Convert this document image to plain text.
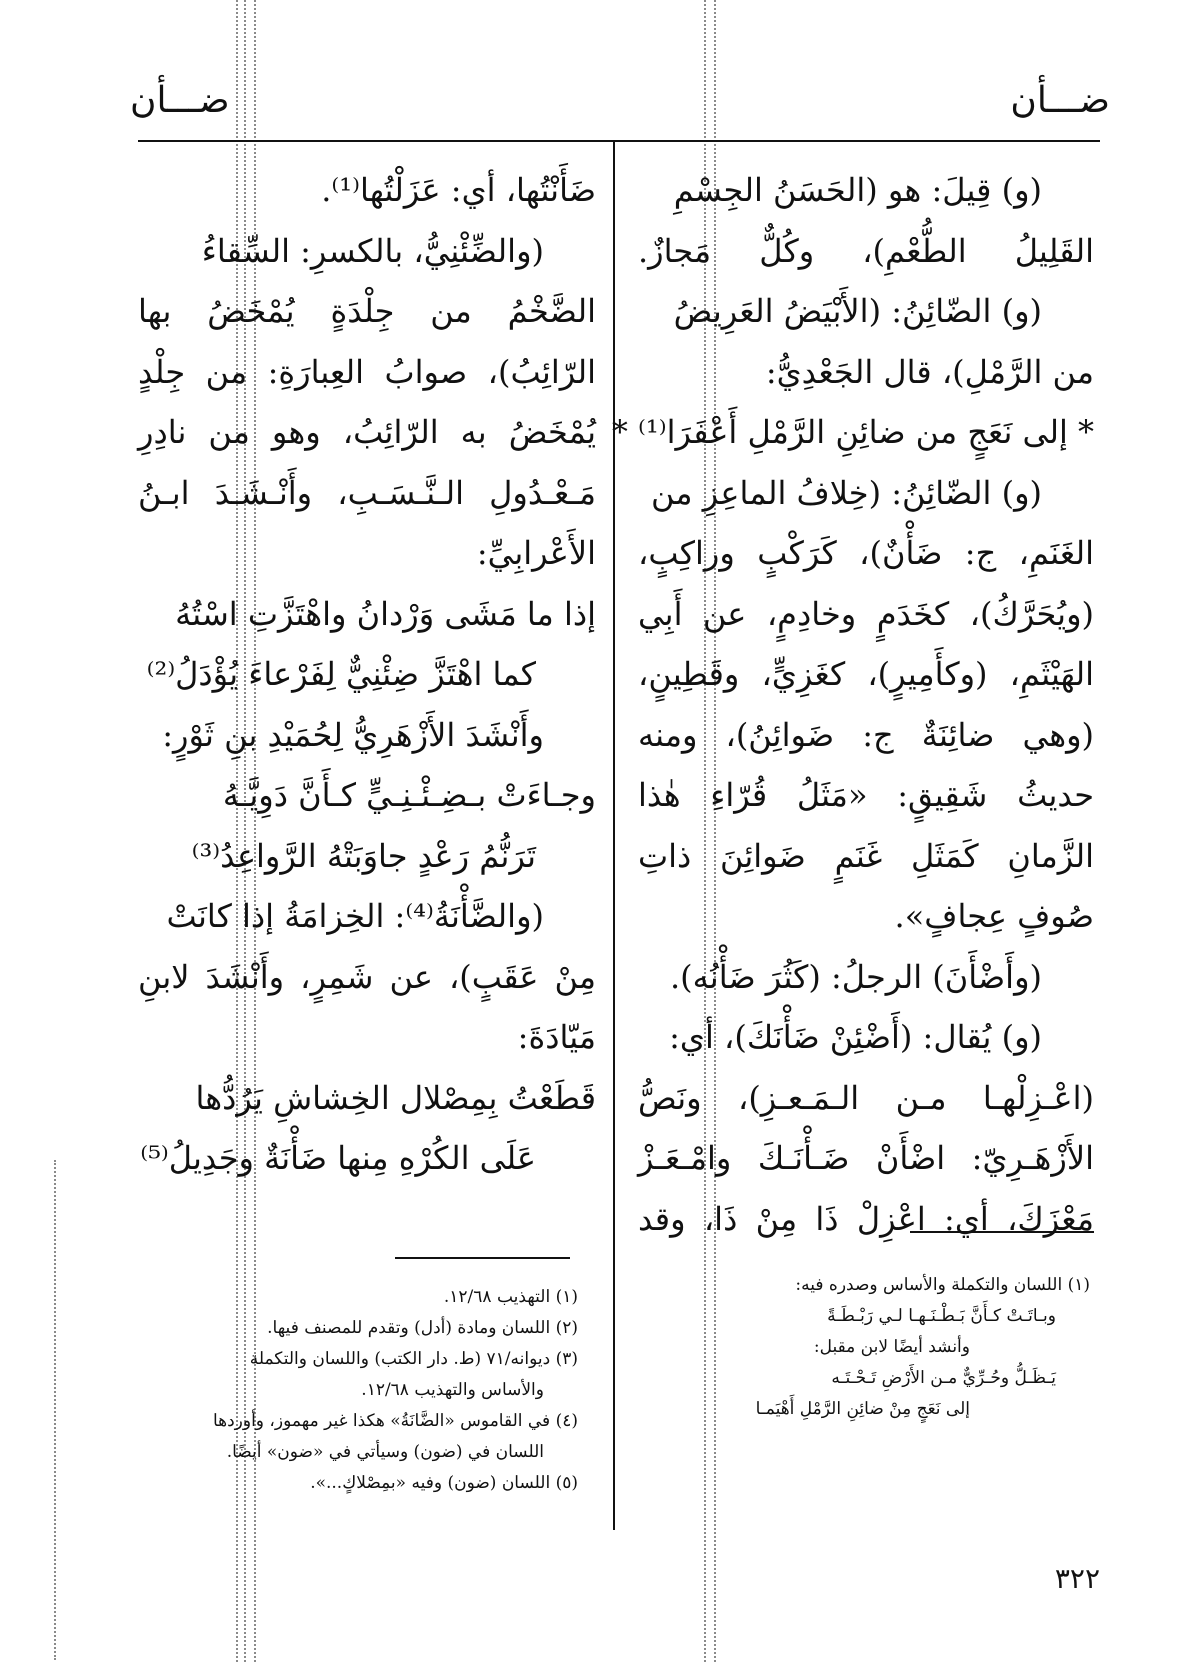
ضـــأن
ضـــأن
(و) قِيلَ: هو (الحَسَنُ الجِسْمِ
القَلِيلُ الطُّعْمِ)، وكُلٌّ مَجازٌ.
(و) الضّائِنُ: (الأَبْيَضُ العَرِيضُ
من الرَّمْلِ)، قال الجَعْدِيُّ:
* إلى نَعَجٍ من ضائِنِ الرَّمْلِ أَعْفَرَا⁽¹⁾ *
(و) الضّائِنُ: (خِلافُ الماعِزِ من
الغَنَمِ، ج: ضَأْنٌ)، كَرَكْبٍ وراكِبٍ،
(ويُحَرَّكُ)، كخَدَمٍ وخادِمٍ، عن أَبِي
الهَيْثَمِ، (وكأَمِيرٍ)، كغَزِيٍّ، وقَطِينٍ،
(وهي ضائِنَةٌ ج: ضَوائِنُ)، ومنه
حديثُ شَقِيقٍ: «مَثَلُ قُرّاءِ هٰذا
الزَّمانِ كَمَثَلِ غَنَمٍ ضَوائِنَ ذاتِ
صُوفٍ عِجافٍ».
(وأَضْأَنَ) الرجلُ: (كَثُرَ ضَأْنُه).
(و) يُقال: (أَضْئِنْ ضَأْنَكَ)، أي:
(اعْـزِلْهـا مـن الـمَـعـزِ)، ونَصُّ
الأَزْهَـرِيّ: اضْأَنْ ضَـأْنَـكَ وامْـعَـزْ
مَعْزَكَ، أي: اعْزِلْ ذَا مِنْ ذَا، وقد
ضَأَنْتُها، أي: عَزَلْتُها⁽¹⁾.
(والضِّئْنِيُّ، بالكسرِ: السِّقاءُ
الضَّخْمُ من جِلْدَةٍ يُمْخَضُ بها
الرّائِبُ)، صوابُ العِبارَةِ: من جِلْدٍ
يُمْخَضُ به الرّائِبُ، وهو من نادِرِ
مَـعْـدُولِ الـنَّـسَـبِ، وأَنْـشَـدَ ابـنُ
الأَعْرابِيِّ:
إذا ما مَشَى وَرْدانُ واهْتَزَّتِ اسْتُهُ
كما اهْتَزَّ ضِئْنِيٌّ لِفَرْعاءَ يُؤْدَلُ⁽²⁾
وأَنْشَدَ الأَزْهَرِيُّ لِحُمَيْدِ بنِ ثَوْرٍ:
وجـاءَتْ بـضِـئْـنِـيٍّ كـأَنَّ دَوِيَّـهُ
تَرَنُّمُ رَعْدٍ جاوَبَتْهُ الرَّواعِدُ⁽³⁾
(والضَّأْنَةُ⁽⁴⁾: الخِزامَةُ إذا كانَتْ
مِنْ عَقَبٍ)، عن شَمِرٍ، وأَنْشَدَ لابنِ
مَيّادَةَ:
قَطَعْتُ بِمِصْلال الخِشاشِ يَرُدُّها
عَلَى الكُرْهِ مِنها ضَأْنَةٌ وجَدِيلُ⁽⁵⁾
(١) اللسان والتكملة والأساس وصدره فيه:
وبـاتَـتْ كـأَنَّ بَـطْـنَـهـا لـي رَبْـطَـةً
وأنشد أيضًا لابن مقبل:
يَـظَـلُّ وحُـرِّيٌّ مـن الأَرْضِ تَـحْـتَـه
إلى نَعَجٍ مِنْ ضائِنِ الرَّمْلِ أَهْيَمـا
(١) التهذيب ١٢/٦٨.
(٢) اللسان ومادة (أدل) وتقدم للمصنف فيها.
(٣) ديوانه/٧١ (ط. دار الكتب) واللسان والتكملة
والأساس والتهذيب ١٢/٦٨.
(٤) في القاموس «الضَّانَةُ» هكذا غير مهموز، وأوردها
اللسان في (ضون) وسيأتي في «ضون» أيضًا.
(٥) اللسان (ضون) وفيه «بمِصْلاكٍ...».
٣٢٢
